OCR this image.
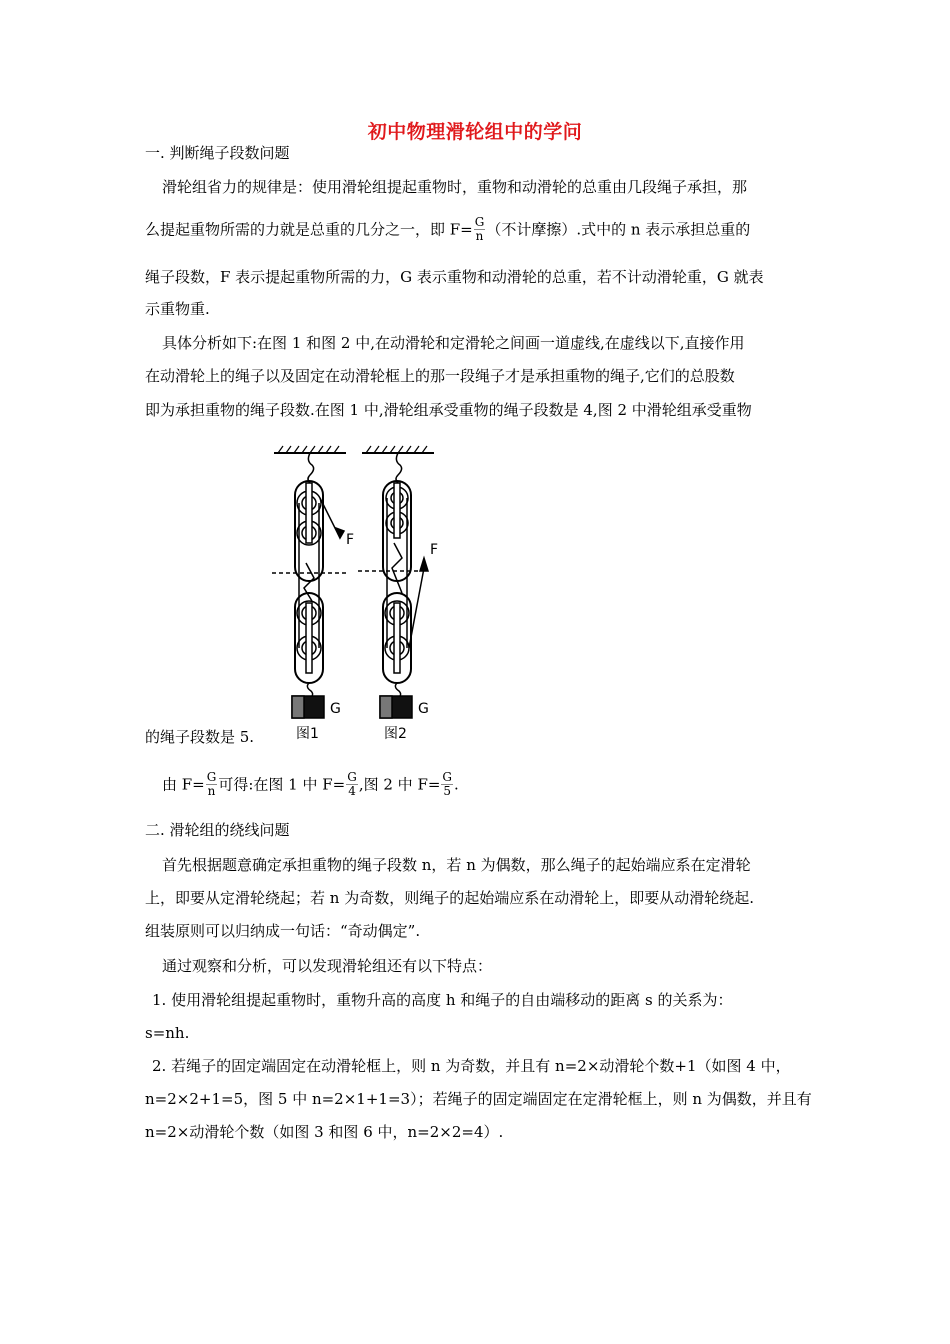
初中物理滑轮组中的学问
一. 判断绳子段数问题
滑轮组省力的规律是：使用滑轮组提起重物时，重物和动滑轮的总重由几段绳子承担，那
么提起重物所需的力就是总重的几分之一，即 $F= \frac{G}{n}$ （不计摩擦）.式中的 n 表示承担总重的
绳子段数，F 表示提起重物所需的力，G 表示重物和动滑轮的总重，若不计动滑轮重，G 就表
示重物重.
具体分析如下:在图 1 和图 2 中,在动滑轮和定滑轮之间画一道虚线,在虚线以下,直接作用
在动滑轮上的绳子以及固定在动滑轮框上的那一段绳子才是承担重物的绳子,它们的总股数
即为承担重物的绳子段数.在图 1 中,滑轮组承受重物的绳子段数是 4,图 2 中滑轮组承受重物
F
F
G	G
图1	图2
的绳子段数是 5.
由 $F= \frac{G}{n}$ 可得:在图 1 中 $F= \frac{G}{4}$ ,图 2 中 $F= \frac{G}{5}$ .
二. 滑轮组的绕线问题
首先根据题意确定承担重物的绳子段数 n，若 n 为偶数，那么绳子的起始端应系在定滑轮
上，即要从定滑轮绕起；若 n 为奇数，则绳子的起始端应系在动滑轮上，即要从动滑轮绕起.
组装原则可以归纳成一句话：“奇动偶定”.
通过观察和分析，可以发现滑轮组还有以下特点：
1. 使用滑轮组提起重物时，重物升高的高度 h 和绳子的自由端移动的距离 s 的关系为：
s=nh.
2. 若绳子的固定端固定在动滑轮框上，则 n 为奇数，并且有 n=2×动滑轮个数+1（如图 4 中，
n=2×2+1=5，图 5 中 n=2×1+1=3）；若绳子的固定端固定在定滑轮框上，则 n 为偶数，并且有
n=2×动滑轮个数（如图 3 和图 6 中，n=2×2=4）.
